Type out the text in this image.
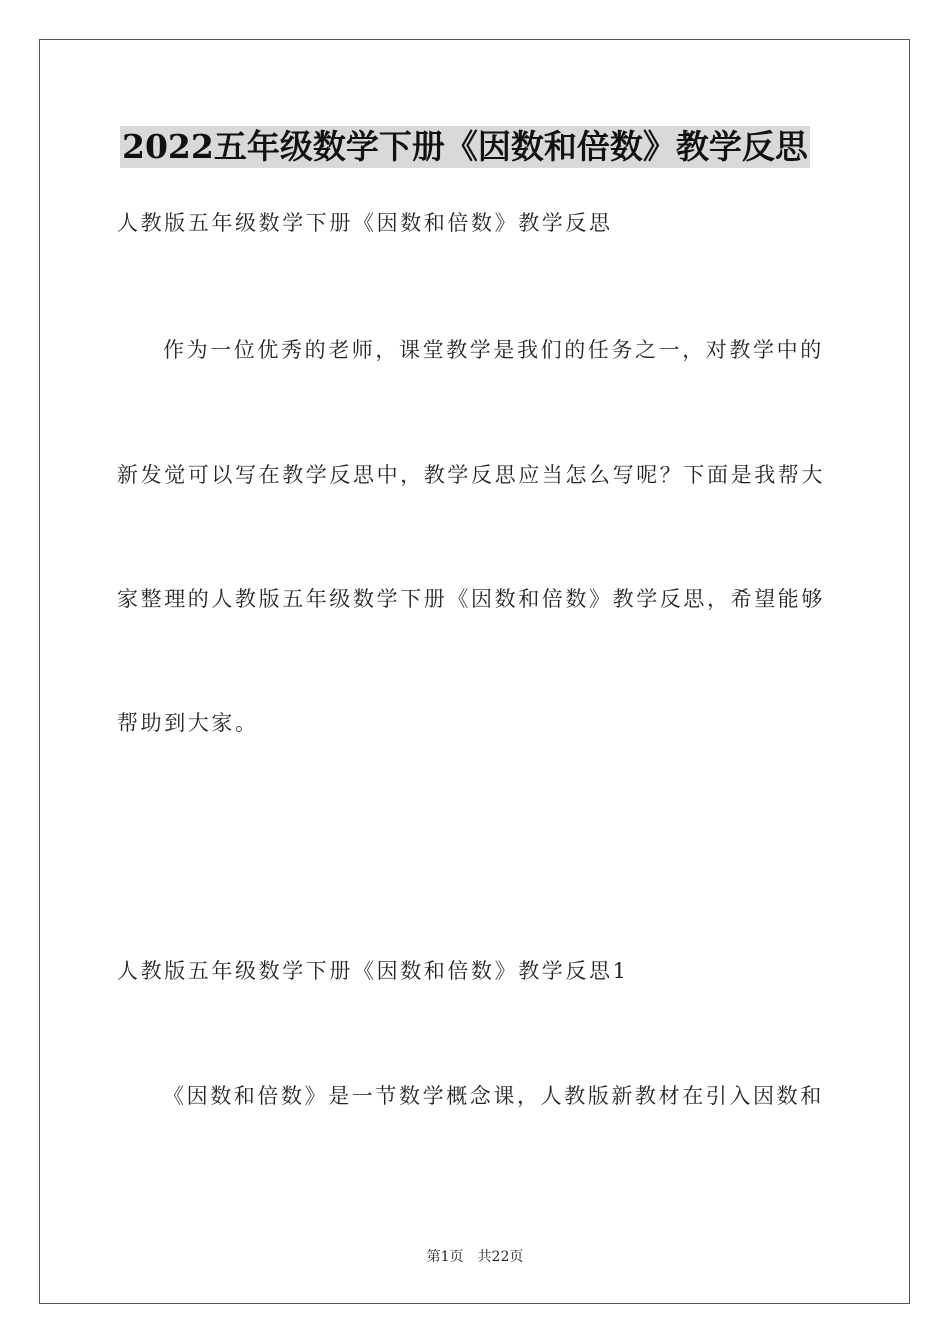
2022五年级数学下册《因数和倍数》教学反思
人教版五年级数学下册《因数和倍数》教学反思
作为一位优秀的老师，课堂教学是我们的任务之一，对教学中的
新发觉可以写在教学反思中，教学反思应当怎么写呢？下面是我帮大
家整理的人教版五年级数学下册《因数和倍数》教学反思，希望能够
帮助到大家。
人教版五年级数学下册《因数和倍数》教学反思1
《因数和倍数》是一节数学概念课，人教版新教材在引入因数和
第1页 共22页
